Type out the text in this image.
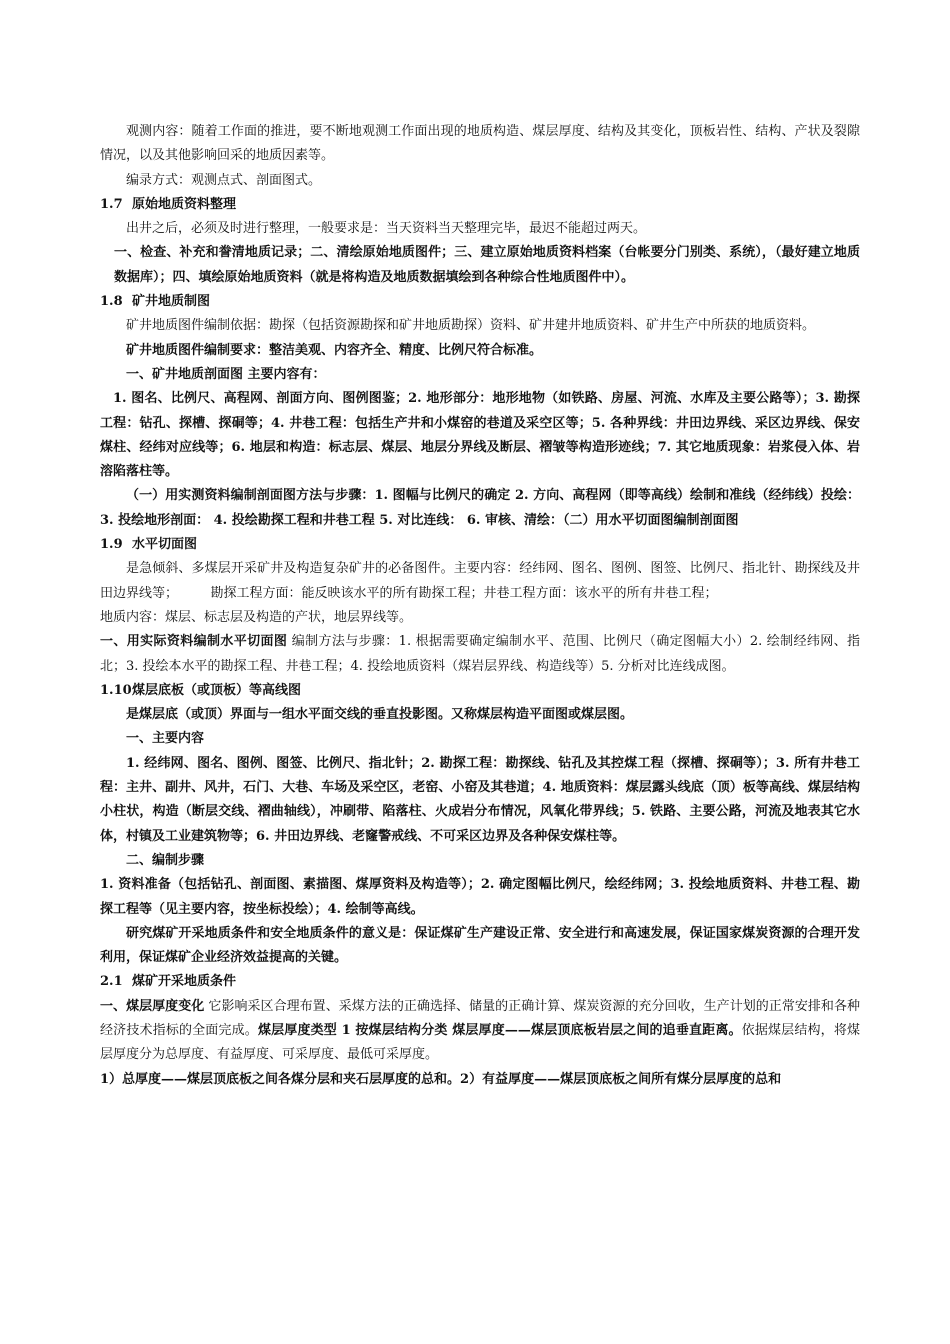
观测内容：随着工作面的推进，要不断地观测工作面出现的地质构造、煤层厚度、结构及其变化，顶板岩性、结构、产状及裂隙情况，以及其他影响回采的地质因素等。

编录方式：观测点式、剖面图式。

1.7 原始地质资料整理

出井之后，必须及时进行整理，一般要求是：当天资料当天整理完毕，最迟不能超过两天。

一、检查、补充和誊清地质记录；二、清绘原始地质图件；三、建立原始地质资料档案（台帐要分门别类、系统），（最好建立地质数据库）；四、填绘原始地质资料（就是将构造及地质数据填绘到各种综合性地质图件中）。

1.8 矿井地质制图

矿井地质图件编制依据：勘探（包括资源勘探和矿井地质勘探）资料、矿井建井地质资料、矿井生产中所获的地质资料。

矿井地质图件编制要求：整洁美观、内容齐全、精度、比例尺符合标准。

一、矿井地质剖面图 主要内容有：

1. 图名、比例尺、高程网、剖面方向、图例图鉴；2. 地形部分：地形地物（如铁路、房屋、河流、水库及主要公路等）；3. 勘探工程：钻孔、探槽、探硐等；4. 井巷工程：包括生产井和小煤窑的巷道及采空区等；5. 各种界线：井田边界线、采区边界线、保安煤柱、经纬对应线等；6. 地层和构造：标志层、煤层、地层分界线及断层、褶皱等构造形迹线；7. 其它地质现象：岩浆侵入体、岩溶陷落柱等。

（一）用实测资料编制剖面图方法与步骤：1. 图幅与比例尺的确定 2. 方向、高程网（即等高线）绘制和准线（经纬线）投绘： 3. 投绘地形剖面： 4. 投绘勘探工程和井巷工程 5. 对比连线： 6. 审核、清绘：（二）用水平切面图编制剖面图

1.9 水平切面图

是急倾斜、多煤层开采矿井及构造复杂矿井的必备图件。主要内容：经纬网、图名、图例、图签、比例尺、指北针、勘探线及井田边界线等；　　　勘探工程方面：能反映该水平的所有勘探工程；井巷工程方面：该水平的所有井巷工程；

地质内容：煤层、标志层及构造的产状，地层界线等。

一、用实际资料编制水平切面图 编制方法与步骤：1. 根据需要确定编制水平、范围、比例尺（确定图幅大小）2. 绘制经纬网、指北；3. 投绘本水平的勘探工程、井巷工程；4. 投绘地质资料（煤岩层界线、构造线等）5. 分析对比连线成图。

1.10煤层底板（或顶板）等高线图

是煤层底（或顶）界面与一组水平面交线的垂直投影图。又称煤层构造平面图或煤层图。

一、主要内容

1. 经纬网、图名、图例、图签、比例尺、指北针；2. 勘探工程：勘探线、钻孔及其控煤工程（探槽、探硐等）；3. 所有井巷工程：主井、副井、风井，石门、大巷、车场及采空区，老窑、小窑及其巷道；4. 地质资料：煤层露头线底（顶）板等高线、煤层结构小柱状，构造（断层交线、褶曲轴线），冲刷带、陷落柱、火成岩分布情况，风氧化带界线；5. 铁路、主要公路，河流及地表其它水体，村镇及工业建筑物等；6. 井田边界线、老窿警戒线、不可采区边界及各种保安煤柱等。

二、编制步骤

1. 资料准备（包括钻孔、剖面图、素描图、煤厚资料及构造等）；2. 确定图幅比例尺，绘经纬网；3. 投绘地质资料、井巷工程、勘探工程等（见主要内容，按坐标投绘）；4. 绘制等高线。

研究煤矿开采地质条件和安全地质条件的意义是：保证煤矿生产建设正常、安全进行和高速发展，保证国家煤炭资源的合理开发利用，保证煤矿企业经济效益提高的关键。

2.1 煤矿开采地质条件

一、煤层厚度变化 它影响采区合理布置、采煤方法的正确选择、储量的正确计算、煤炭资源的充分回收，生产计划的正常安排和各种经济技术指标的全面完成。煤层厚度类型 1 按煤层结构分类 煤层厚度——煤层顶底板岩层之间的追垂直距离。依据煤层结构，将煤层厚度分为总厚度、有益厚度、可采厚度、最低可采厚度。

1）总厚度——煤层顶底板之间各煤分层和夹石层厚度的总和。2）有益厚度——煤层顶底板之间所有煤分层厚度的总和
